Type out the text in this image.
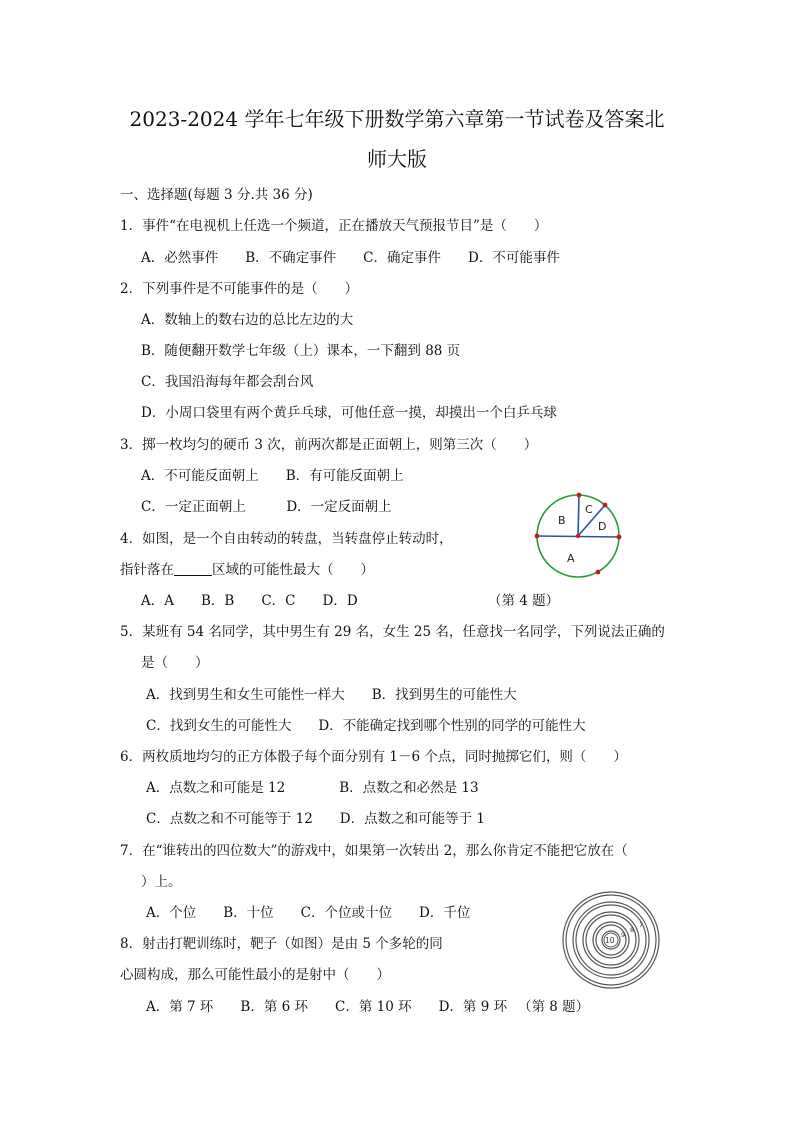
2023-2024 学年七年级下册数学第六章第一节试卷及答案北
师大版
一、选择题(每题 3 分.共 36 分)
1．事件“在电视机上任选一个频道，正在播放天气预报节目”是（　　）
A．必然事件　　B．不确定事件　　C．确定事件　　D．不可能事件
2．下列事件是不可能事件的是（　　）
A．数轴上的数右边的总比左边的大
B．随便翻开数学七年级（上）课本，一下翻到 88 页
C．我国沿海每年都会刮台风
D．小周口袋里有两个黄乒乓球，可他任意一摸，却摸出一个白乒乓球
3．掷一枚均匀的硬币 3 次，前两次都是正面朝上，则第三次（　　）
A．不可能反面朝上　　B．有可能反面朝上
C．一定正面朝上　　　D．一定反面朝上
4．如图，是一个自由转动的转盘，当转盘停止转动时，
指针落在	区域的可能性最大（　　）
A．A　　B．B　　C．C　　D．D	（第 4 题）
A
B
C
D
5．某班有 54 名同学，其中男生有 29 名，女生 25 名，任意找一名同学，下列说法正确的
是（　　）
A．找到男生和女生可能性一样大　　B．找到男生的可能性大
C．找到女生的可能性大　　D．不能确定找到哪个性别的同学的可能性大
6．两枚质地均匀的正方体骰子每个面分别有 1－6 个点，同时抛掷它们，则（　　）
A．点数之和可能是 12　　　　B．点数之和必然是 13
C．点数之和不可能等于 12　　D．点数之和可能等于 1
7．在“谁转出的四位数大”的游戏中，如果第一次转出 2，那么你肯定不能把它放在（
）上。
A．个位　　B．十位　　C．个位或十位　　D．千位
8．射击打靶训练时，靶子（如图）是由 5 个多轮的同
心圆构成，那么可能性最小的是射中（　　）
A．第 7 环　　B．第 6 环　　C．第 10 环　　D．第 9 环 （第 8 题）
10
9
8
7
